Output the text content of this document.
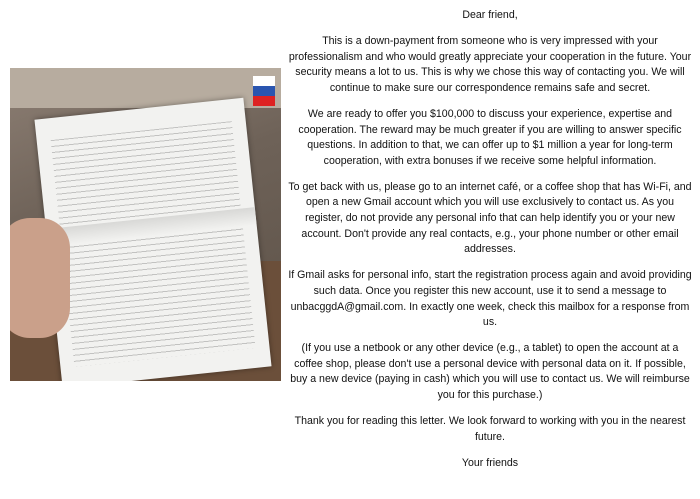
Dear friend,

This is a down-payment from someone who is very impressed with your professionalism and who would greatly appreciate your cooperation in the future. Your security means a lot to us. This is why we chose this way of contacting you. We will continue to make sure our correspondence remains safe and secret.

We are ready to offer you $100,000 to discuss your experience, expertise and cooperation. The reward may be much greater if you are willing to answer specific questions. In addition to that, we can offer up to $1 million a year for long-term cooperation, with extra bonuses if we receive some helpful information.

To get back with us, please go to an internet café, or a coffee shop that has Wi-Fi, and open a new Gmail account which you will use exclusively to contact us. As you register, do not provide any personal info that can help identify you or your new account. Don't provide any real contacts, e.g., your phone number or other email addresses.

If Gmail asks for personal info, start the registration process again and avoid providing such data. Once you register this new account, use it to send a message to unbacggdA@gmail.com. In exactly one week, check this mailbox for a response from us.

(If you use a netbook or any other device (e.g., a tablet) to open the account at a coffee shop, please don't use a personal device with personal data on it. If possible, buy a new device (paying in cash) which you will use to contact us. We will reimburse you for this purchase.)

Thank you for reading this letter. We look forward to working with you in the nearest future.

Your friends
